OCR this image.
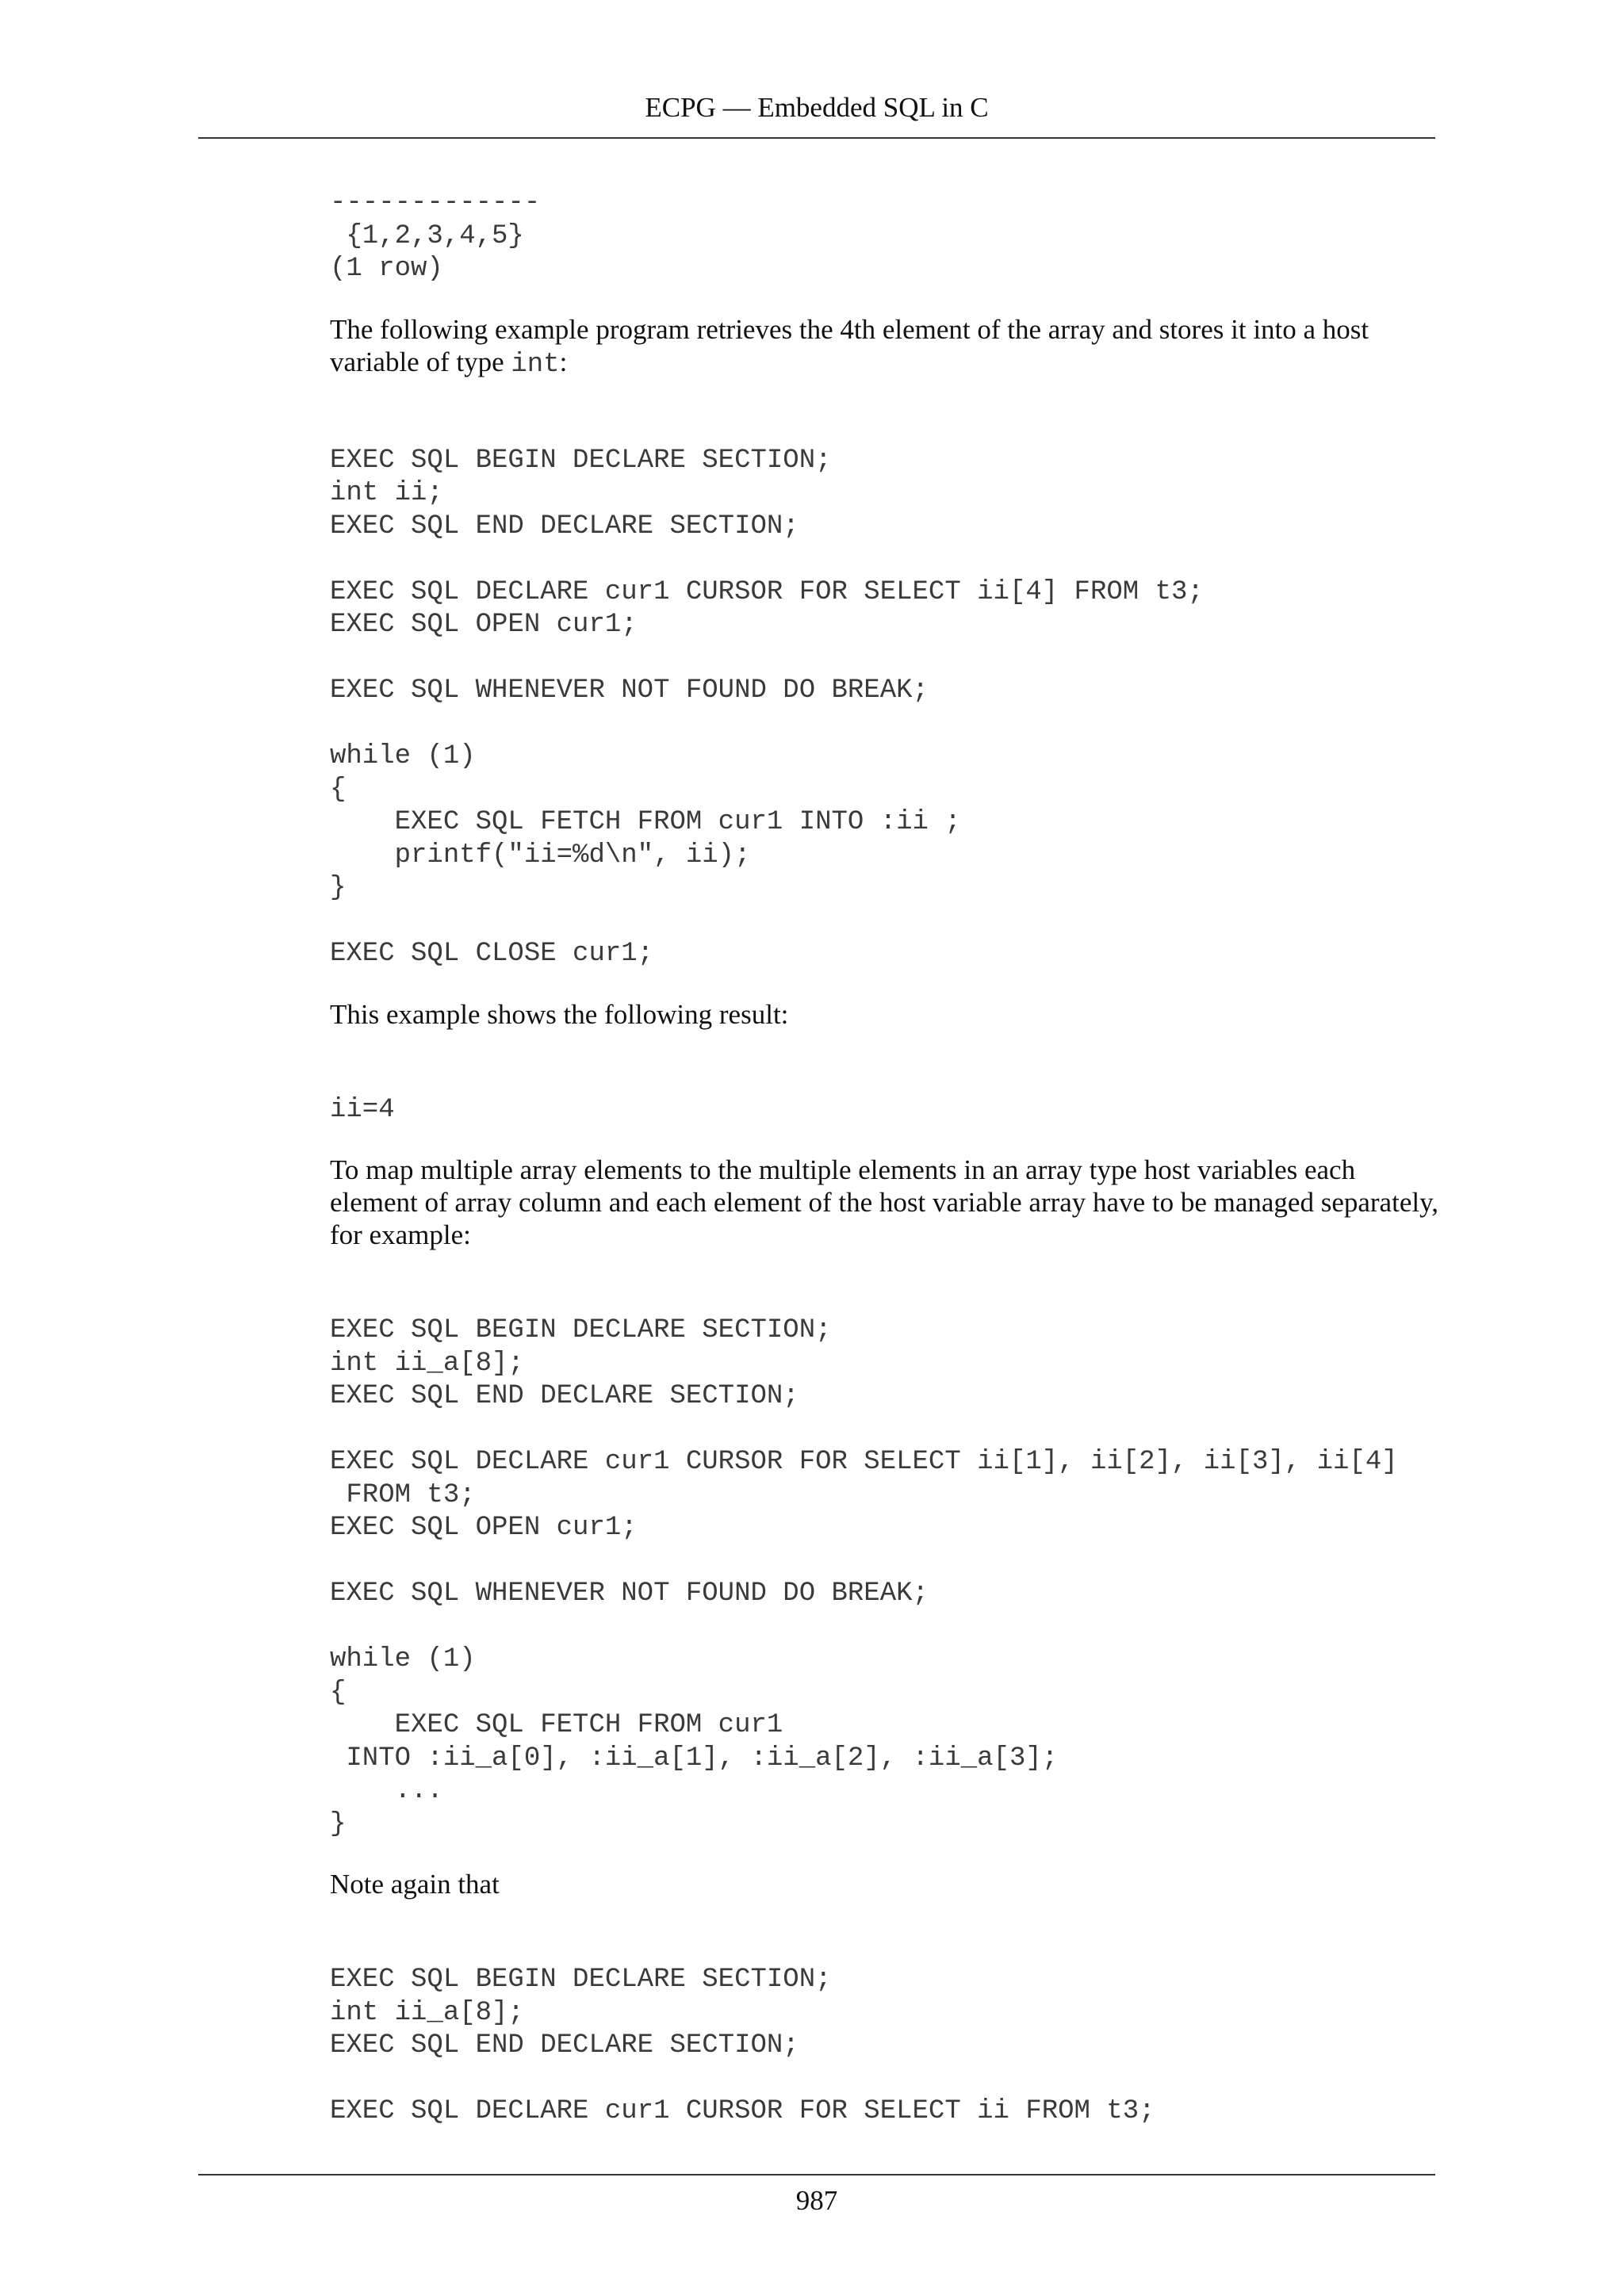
ECPG — Embedded SQL in C
-------------
{1,2,3,4,5}
(1 row)

The following example program retrieves the 4th element of the array and stores it into a host variable of type int:

EXEC SQL BEGIN DECLARE SECTION;
int ii;
EXEC SQL END DECLARE SECTION;

EXEC SQL DECLARE cur1 CURSOR FOR SELECT ii[4] FROM t3;
EXEC SQL OPEN cur1;

EXEC SQL WHENEVER NOT FOUND DO BREAK;

while (1)
{
EXEC SQL FETCH FROM cur1 INTO :ii ;
printf("ii=%d\n", ii);
}

EXEC SQL CLOSE cur1;

This example shows the following result:

ii=4

To map multiple array elements to the multiple elements in an array type host variables each element of array column and each element of the host variable array have to be managed separately, for example:

EXEC SQL BEGIN DECLARE SECTION;
int ii_a[8];
EXEC SQL END DECLARE SECTION;

EXEC SQL DECLARE cur1 CURSOR FOR SELECT ii[1], ii[2], ii[3], ii[4]
FROM t3;
EXEC SQL OPEN cur1;

EXEC SQL WHENEVER NOT FOUND DO BREAK;

while (1)
{
EXEC SQL FETCH FROM cur1
INTO :ii_a[0], :ii_a[1], :ii_a[2], :ii_a[3];
...
}

Note again that

EXEC SQL BEGIN DECLARE SECTION;
int ii_a[8];
EXEC SQL END DECLARE SECTION;

EXEC SQL DECLARE cur1 CURSOR FOR SELECT ii FROM t3;
987
